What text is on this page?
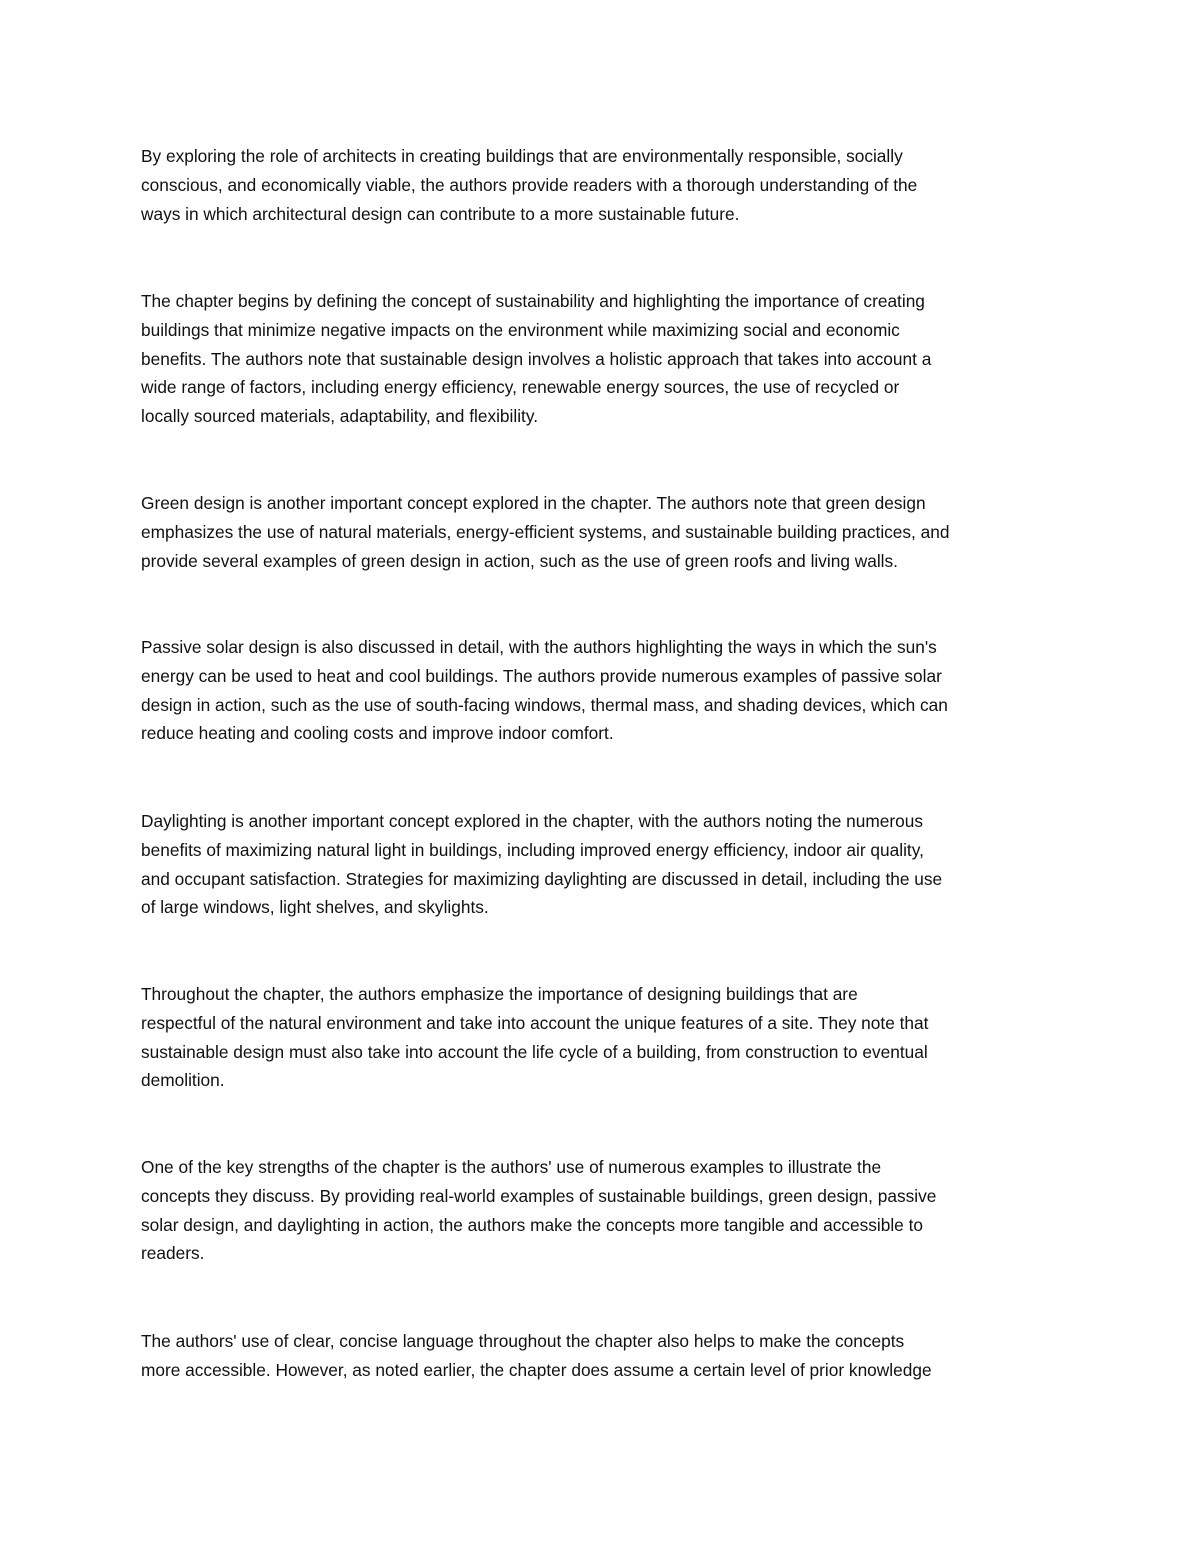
By exploring the role of architects in creating buildings that are environmentally responsible, socially
conscious, and economically viable, the authors provide readers with a thorough understanding of the
ways in which architectural design can contribute to a more sustainable future.

The chapter begins by defining the concept of sustainability and highlighting the importance of creating
buildings that minimize negative impacts on the environment while maximizing social and economic
benefits. The authors note that sustainable design involves a holistic approach that takes into account a
wide range of factors, including energy efficiency, renewable energy sources, the use of recycled or
locally sourced materials, adaptability, and flexibility.

Green design is another important concept explored in the chapter. The authors note that green design
emphasizes the use of natural materials, energy-efficient systems, and sustainable building practices, and
provide several examples of green design in action, such as the use of green roofs and living walls.

Passive solar design is also discussed in detail, with the authors highlighting the ways in which the sun's
energy can be used to heat and cool buildings. The authors provide numerous examples of passive solar
design in action, such as the use of south-facing windows, thermal mass, and shading devices, which can
reduce heating and cooling costs and improve indoor comfort.

Daylighting is another important concept explored in the chapter, with the authors noting the numerous
benefits of maximizing natural light in buildings, including improved energy efficiency, indoor air quality,
and occupant satisfaction. Strategies for maximizing daylighting are discussed in detail, including the use
of large windows, light shelves, and skylights.

Throughout the chapter, the authors emphasize the importance of designing buildings that are
respectful of the natural environment and take into account the unique features of a site. They note that
sustainable design must also take into account the life cycle of a building, from construction to eventual
demolition.

One of the key strengths of the chapter is the authors' use of numerous examples to illustrate the
concepts they discuss. By providing real-world examples of sustainable buildings, green design, passive
solar design, and daylighting in action, the authors make the concepts more tangible and accessible to
readers.

The authors' use of clear, concise language throughout the chapter also helps to make the concepts
more accessible. However, as noted earlier, the chapter does assume a certain level of prior knowledge
